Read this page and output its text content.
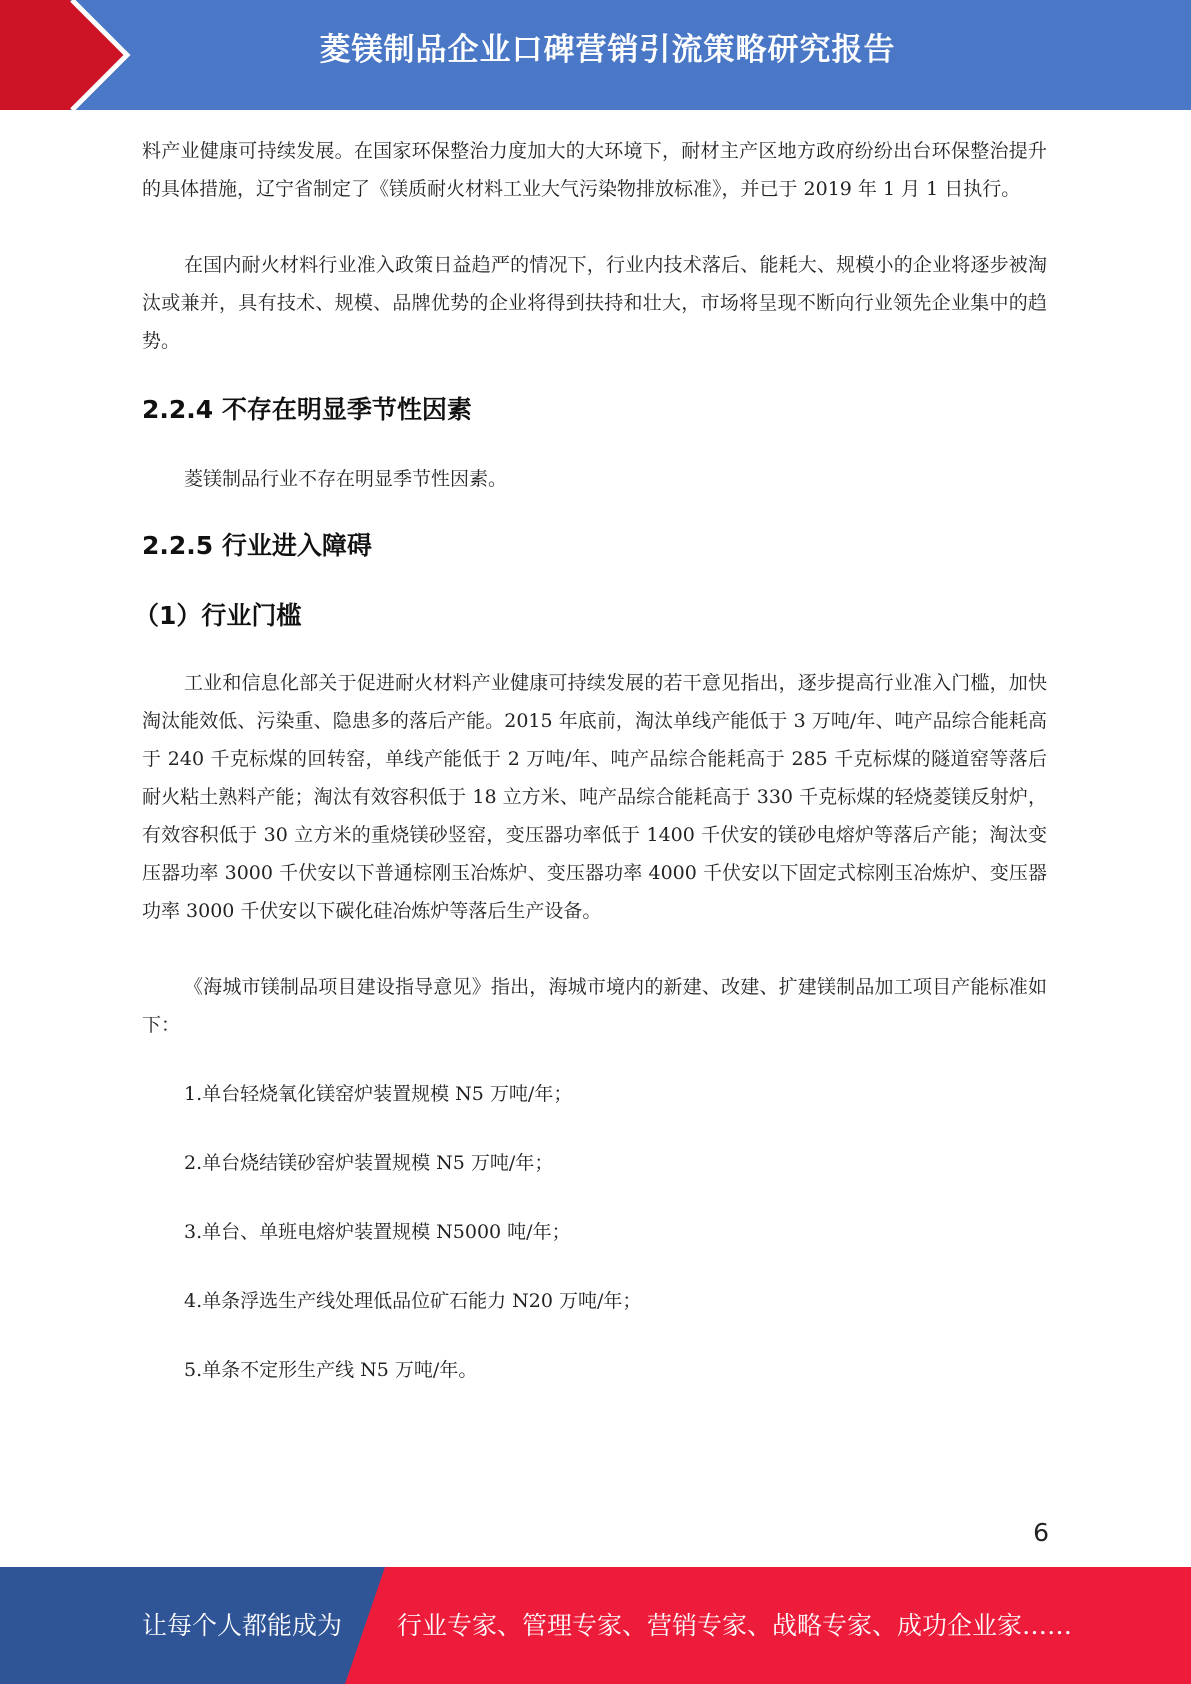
菱镁制品企业口碑营销引流策略研究报告

料产业健康可持续发展。在国家环保整治力度加大的大环境下，耐材主产区地方政府纷纷出台环保整治提升的具体措施，辽宁省制定了《镁质耐火材料工业大气污染物排放标准》，并已于 2019 年 1 月 1 日执行。

在国内耐火材料行业准入政策日益趋严的情况下，行业内技术落后、能耗大、规模小的企业将逐步被淘汰或兼并，具有技术、规模、品牌优势的企业将得到扶持和壮大，市场将呈现不断向行业领先企业集中的趋势。

2.2.4 不存在明显季节性因素

菱镁制品行业不存在明显季节性因素。

2.2.5 行业进入障碍
（1）行业门槛

工业和信息化部关于促进耐火材料产业健康可持续发展的若干意见指出，逐步提高行业准入门槛，加快淘汰能效低、污染重、隐患多的落后产能。2015 年底前，淘汰单线产能低于 3 万吨/年、吨产品综合能耗高于 240 千克标煤的回转窑，单线产能低于 2 万吨/年、吨产品综合能耗高于 285 千克标煤的隧道窑等落后耐火粘土熟料产能；淘汰有效容积低于 18 立方米、吨产品综合能耗高于 330 千克标煤的轻烧菱镁反射炉，有效容积低于 30 立方米的重烧镁砂竖窑，变压器功率低于 1400 千伏安的镁砂电熔炉等落后产能；淘汰变压器功率 3000 千伏安以下普通棕刚玉冶炼炉、变压器功率 4000 千伏安以下固定式棕刚玉冶炼炉、变压器功率 3000 千伏安以下碳化硅冶炼炉等落后生产设备。

《海城市镁制品项目建设指导意见》指出，海城市境内的新建、改建、扩建镁制品加工项目产能标准如下：

1.单台轻烧氧化镁窑炉装置规模 N5 万吨/年；

2.单台烧结镁砂窑炉装置规模 N5 万吨/年；

3.单台、单班电熔炉装置规模 N5000 吨/年；

4.单条浮选生产线处理低品位矿石能力 N20 万吨/年；

5.单条不定形生产线 N5 万吨/年。

6
让每个人都能成为 行业专家、管理专家、营销专家、战略专家、成功企业家……
